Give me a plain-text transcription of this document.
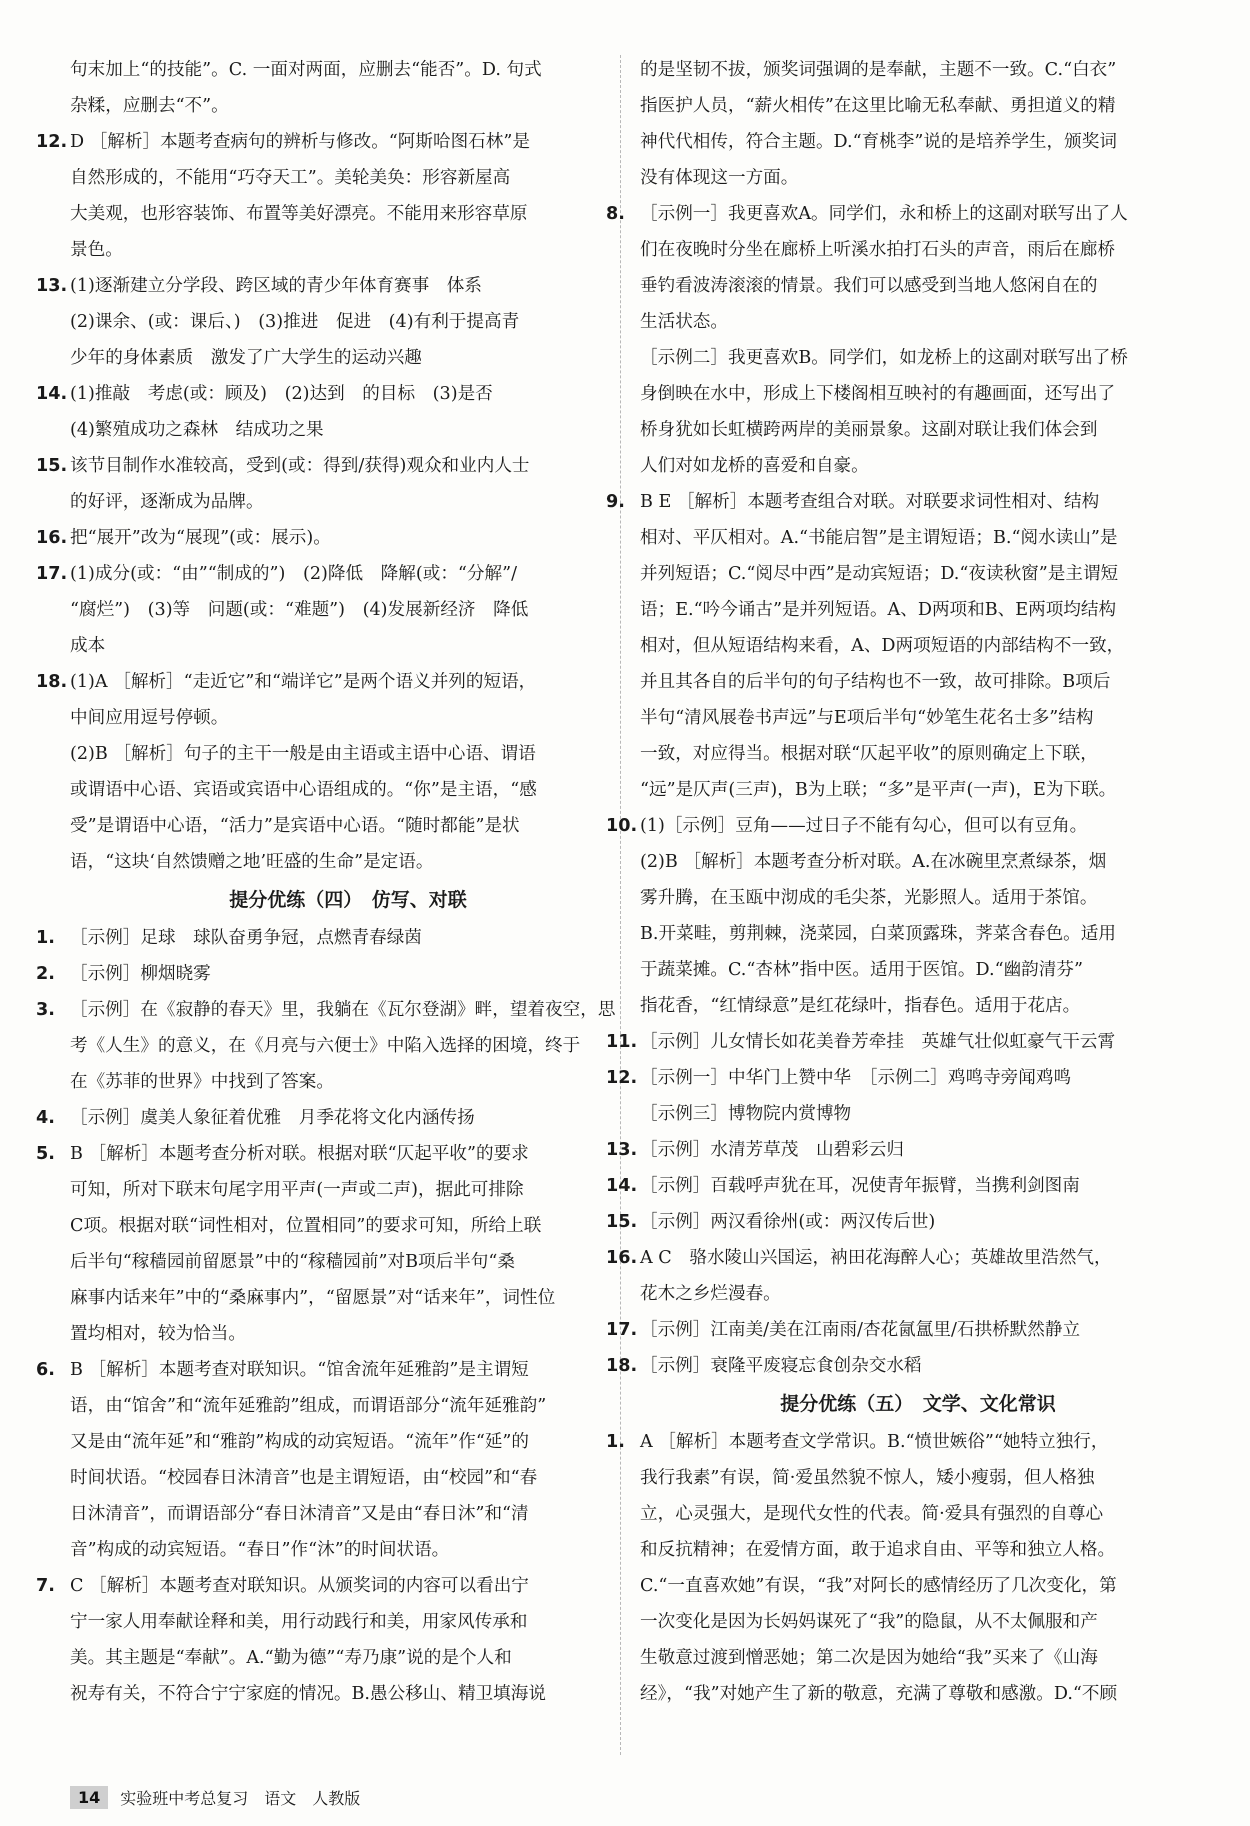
句末加上“的技能”。C. 一面对两面，应删去“能否”。D. 句式
杂糅，应删去“不”。
12. D ［解析］本题考查病句的辨析与修改。“阿斯哈图石林”是
自然形成的，不能用“巧夺天工”。美轮美奂：形容新屋高
大美观，也形容装饰、布置等美好漂亮。不能用来形容草原
景色。
13. (1)逐渐建立分学段、跨区域的青少年体育赛事　体系
(2)课余、(或：课后、)　(3)推进　促进　(4)有利于提高青
少年的身体素质　激发了广大学生的运动兴趣
14. (1)推敲　考虑(或：顾及)　(2)达到　的目标　(3)是否
(4)繁殖成功之森林　结成功之果
15. 该节目制作水准较高，受到(或：得到/获得)观众和业内人士
的好评，逐渐成为品牌。
16. 把“展开”改为“展现”(或：展示)。
17. (1)成分(或：“由”“制成的”)　(2)降低　降解(或：“分解”/
“腐烂”)　(3)等　问题(或：“难题”)　(4)发展新经济　降低
成本
18. (1)A ［解析］“走近它”和“端详它”是两个语义并列的短语，
中间应用逗号停顿。
(2)B ［解析］句子的主干一般是由主语或主语中心语、谓语
或谓语中心语、宾语或宾语中心语组成的。“你”是主语，“感
受”是谓语中心语，“活力”是宾语中心语。“随时都能”是状
语，“这块‘自然馈赠之地’旺盛的生命”是定语。
提分优练（四）　仿写、对联
1. ［示例］足球　球队奋勇争冠，点燃青春绿茵
2. ［示例］柳烟晓雾
3. ［示例］在《寂静的春天》里，我躺在《瓦尔登湖》畔，望着夜空，思
考《人生》的意义，在《月亮与六便士》中陷入选择的困境，终于
在《苏菲的世界》中找到了答案。
4. ［示例］虞美人象征着优雅　月季花将文化内涵传扬
5. B ［解析］本题考查分析对联。根据对联“仄起平收”的要求
可知，所对下联末句尾字用平声(一声或二声)，据此可排除
C项。根据对联“词性相对，位置相同”的要求可知，所给上联
后半句“稼穑园前留愿景”中的“稼穑园前”对B项后半句“桑
麻事内话来年”中的“桑麻事内”，“留愿景”对“话来年”，词性位
置均相对，较为恰当。
6. B ［解析］本题考查对联知识。“馆舍流年延雅韵”是主谓短
语，由“馆舍”和“流年延雅韵”组成，而谓语部分“流年延雅韵”
又是由“流年延”和“雅韵”构成的动宾短语。“流年”作“延”的
时间状语。“校园春日沐清音”也是主谓短语，由“校园”和“春
日沐清音”，而谓语部分“春日沐清音”又是由“春日沐”和“清
音”构成的动宾短语。“春日”作“沐”的时间状语。
7. C ［解析］本题考查对联知识。从颁奖词的内容可以看出宁
宁一家人用奉献诠释和美，用行动践行和美，用家风传承和
美。其主题是“奉献”。A.“勤为德”“寿乃康”说的是个人和
祝寿有关，不符合宁宁家庭的情况。B.愚公移山、精卫填海说
的是坚韧不拔，颁奖词强调的是奉献，主题不一致。C.“白衣”
指医护人员，“薪火相传”在这里比喻无私奉献、勇担道义的精
神代代相传，符合主题。D.“育桃李”说的是培养学生，颁奖词
没有体现这一方面。
8. ［示例一］我更喜欢A。同学们，永和桥上的这副对联写出了人
们在夜晚时分坐在廊桥上听溪水拍打石头的声音，雨后在廊桥
垂钓看波涛滚滚的情景。我们可以感受到当地人悠闲自在的
生活状态。
［示例二］我更喜欢B。同学们，如龙桥上的这副对联写出了桥
身倒映在水中，形成上下楼阁相互映衬的有趣画面，还写出了
桥身犹如长虹横跨两岸的美丽景象。这副对联让我们体会到
人们对如龙桥的喜爱和自豪。
9. B E ［解析］本题考查组合对联。对联要求词性相对、结构
相对、平仄相对。A.“书能启智”是主谓短语；B.“阅水读山”是
并列短语；C.“阅尽中西”是动宾短语；D.“夜读秋窗”是主谓短
语；E.“吟今诵古”是并列短语。A、D两项和B、E两项均结构
相对，但从短语结构来看，A、D两项短语的内部结构不一致，
并且其各自的后半句的句子结构也不一致，故可排除。B项后
半句“清风展卷书声远”与E项后半句“妙笔生花名士多”结构
一致，对应得当。根据对联“仄起平收”的原则确定上下联，
“远”是仄声(三声)，B为上联；“多”是平声(一声)，E为下联。
10. (1)［示例］豆角——过日子不能有勾心，但可以有豆角。
(2)B ［解析］本题考查分析对联。A.在冰碗里烹煮绿茶，烟
雾升腾，在玉瓯中沏成的毛尖茶，光影照人。适用于茶馆。
B.开菜畦，剪荆棘，浇菜园，白菜顶露珠，荠菜含春色。适用
于蔬菜摊。C.“杏林”指中医。适用于医馆。D.“幽韵清芬”
指花香，“红情绿意”是红花绿叶，指春色。适用于花店。
11. ［示例］儿女情长如花美眷芳牵挂　英雄气壮似虹豪气干云霄
12. ［示例一］中华门上赞中华　［示例二］鸡鸣寺旁闻鸡鸣
［示例三］博物院内赏博物
13. ［示例］水清芳草茂　山碧彩云归
14. ［示例］百载呼声犹在耳，况使青年振臂，当携利剑图南
15. ［示例］两汉看徐州(或：两汉传后世)
16. A C　骆水陵山兴国运，衲田花海醉人心；英雄故里浩然气，
花木之乡烂漫春。
17. ［示例］江南美/美在江南雨/杏花氤氲里/石拱桥默然静立
18. ［示例］衰隆平废寝忘食创杂交水稻
提分优练（五）　文学、文化常识
1. A ［解析］本题考查文学常识。B.“愤世嫉俗”“她特立独行，
我行我素”有误，简·爱虽然貌不惊人，矮小瘦弱，但人格独
立，心灵强大，是现代女性的代表。简·爱具有强烈的自尊心
和反抗精神；在爱情方面，敢于追求自由、平等和独立人格。
C.“一直喜欢她”有误，“我”对阿长的感情经历了几次变化，第
一次变化是因为长妈妈谋死了“我”的隐鼠，从不太佩服和产
生敬意过渡到憎恶她；第二次是因为她给“我”买来了《山海
经》，“我”对她产生了新的敬意，充满了尊敬和感激。D.“不顾
14	实验班中考总复习　语文　人教版
